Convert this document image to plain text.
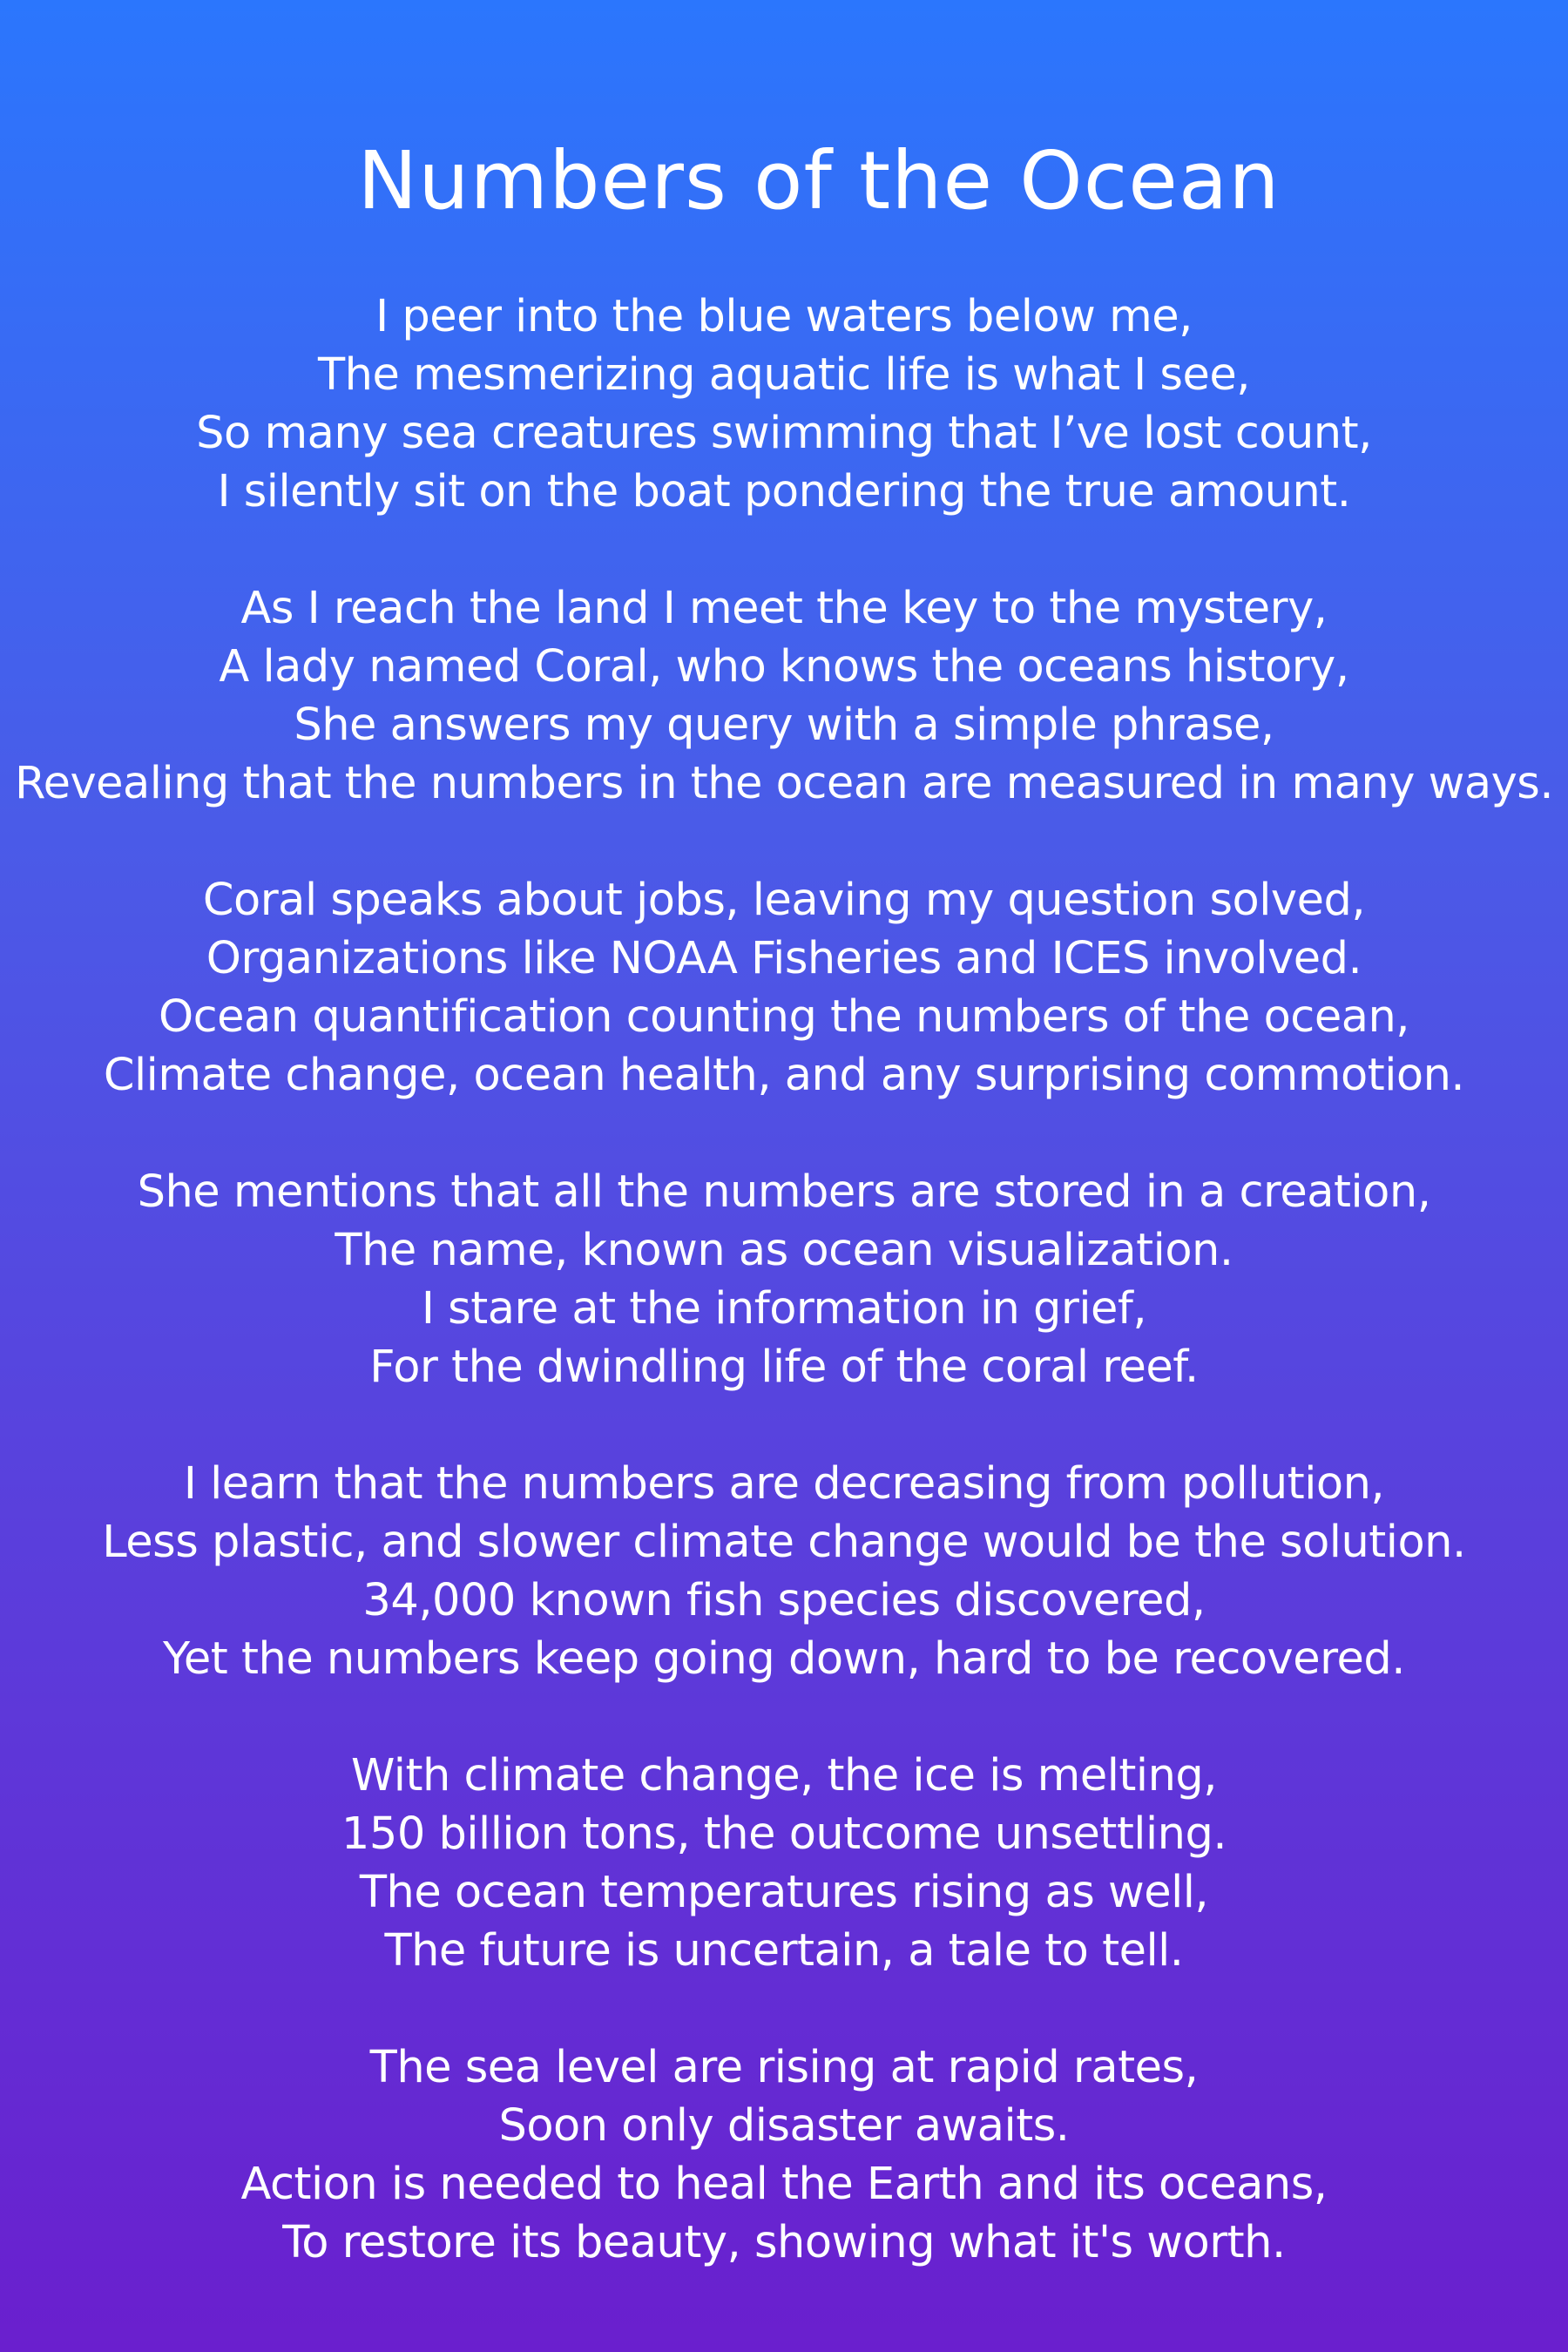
Numbers of the Ocean
I peer into the blue waters below me,
The mesmerizing aquatic life is what I see,
So many sea creatures swimming that I’ve lost count,
I silently sit on the boat pondering the true amount.
As I reach the land I meet the key to the mystery,
A lady named Coral, who knows the oceans history,
She answers my query with a simple phrase,
Revealing that the numbers in the ocean are measured in many ways.
Coral speaks about jobs, leaving my question solved,
Organizations like NOAA Fisheries and ICES involved.
Ocean quantification counting the numbers of the ocean,
Climate change, ocean health, and any surprising commotion.
She mentions that all the numbers are stored in a creation,
The name, known as ocean visualization.
I stare at the information in grief,
For the dwindling life of the coral reef.
I learn that the numbers are decreasing from pollution,
Less plastic, and slower climate change would be the solution.
34,000 known fish species discovered,
Yet the numbers keep going down, hard to be recovered.
With climate change, the ice is melting,
150 billion tons, the outcome unsettling.
The ocean temperatures rising as well,
The future is uncertain, a tale to tell.
The sea level are rising at rapid rates,
Soon only disaster awaits.
Action is needed to heal the Earth and its oceans,
To restore its beauty, showing what it's worth.
